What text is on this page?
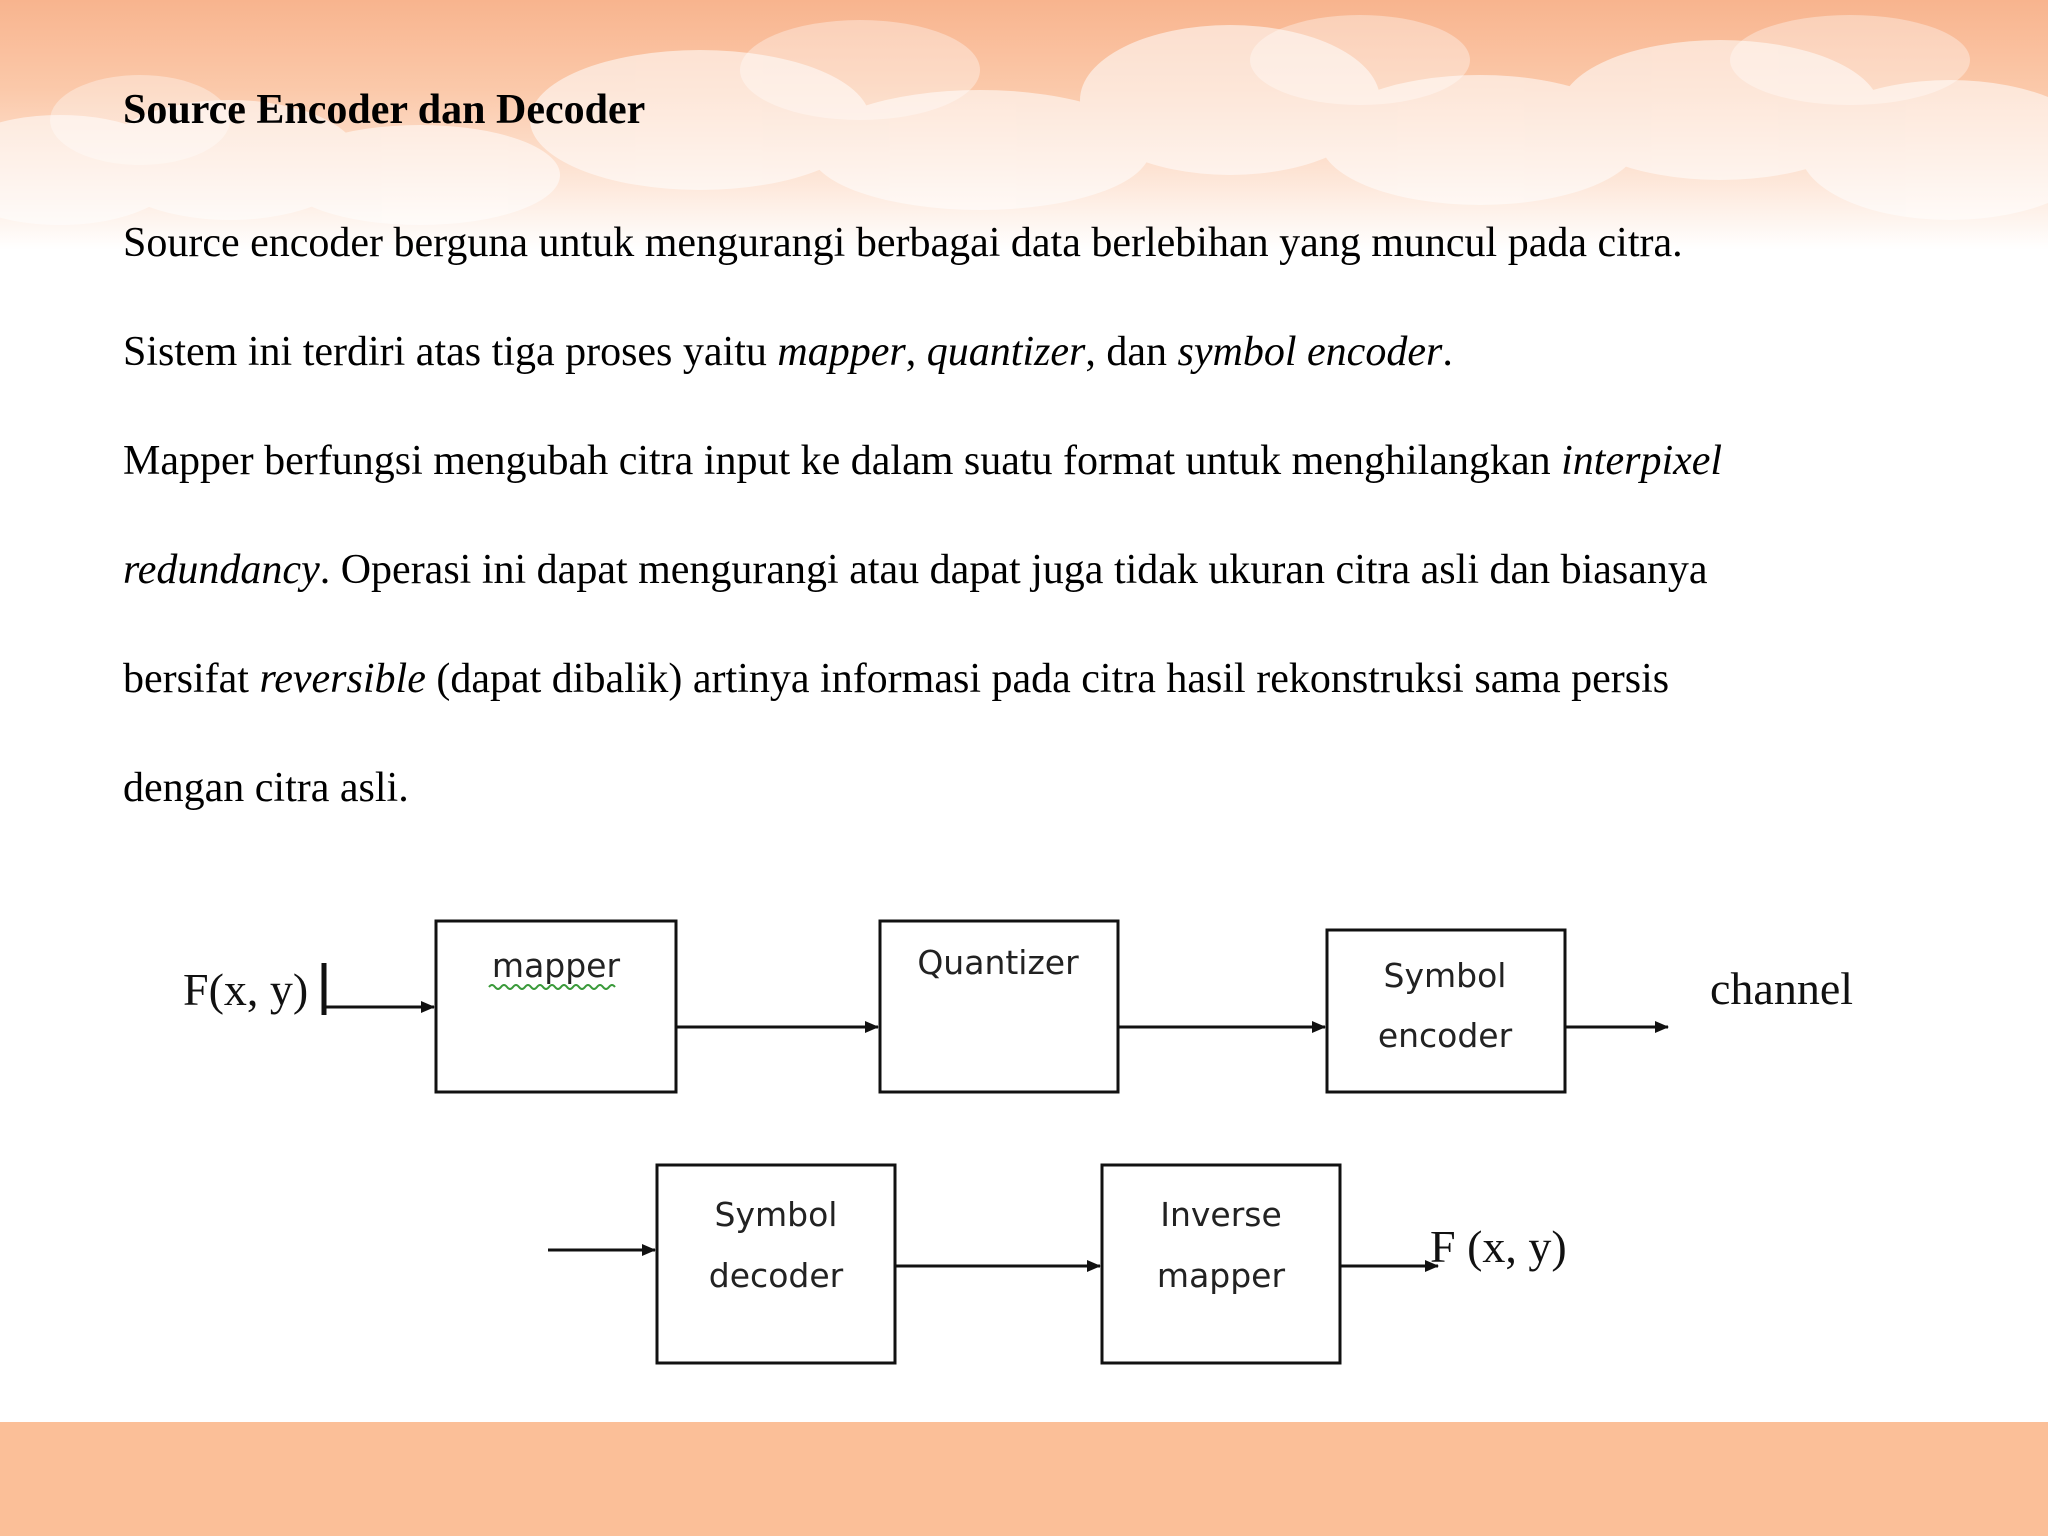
Source Encoder dan Decoder
Source encoder berguna untuk mengurangi berbagai data berlebihan yang muncul pada citra.
Sistem ini terdiri atas tiga proses yaitu mapper, quantizer, dan symbol encoder.
Mapper berfungsi mengubah citra input ke dalam suatu format untuk menghilangkan interpixel
redundancy. Operasi ini dapat mengurangi atau dapat juga tidak ukuran citra asli dan biasanya
bersifat reversible (dapat dibalik) artinya informasi pada citra hasil rekonstruksi sama persis
dengan citra asli.
F(x, y)	mapper	Quantizer	Symbol
encoder
channel
Symbol
decoder
Inverse
mapper
F (x, y)
